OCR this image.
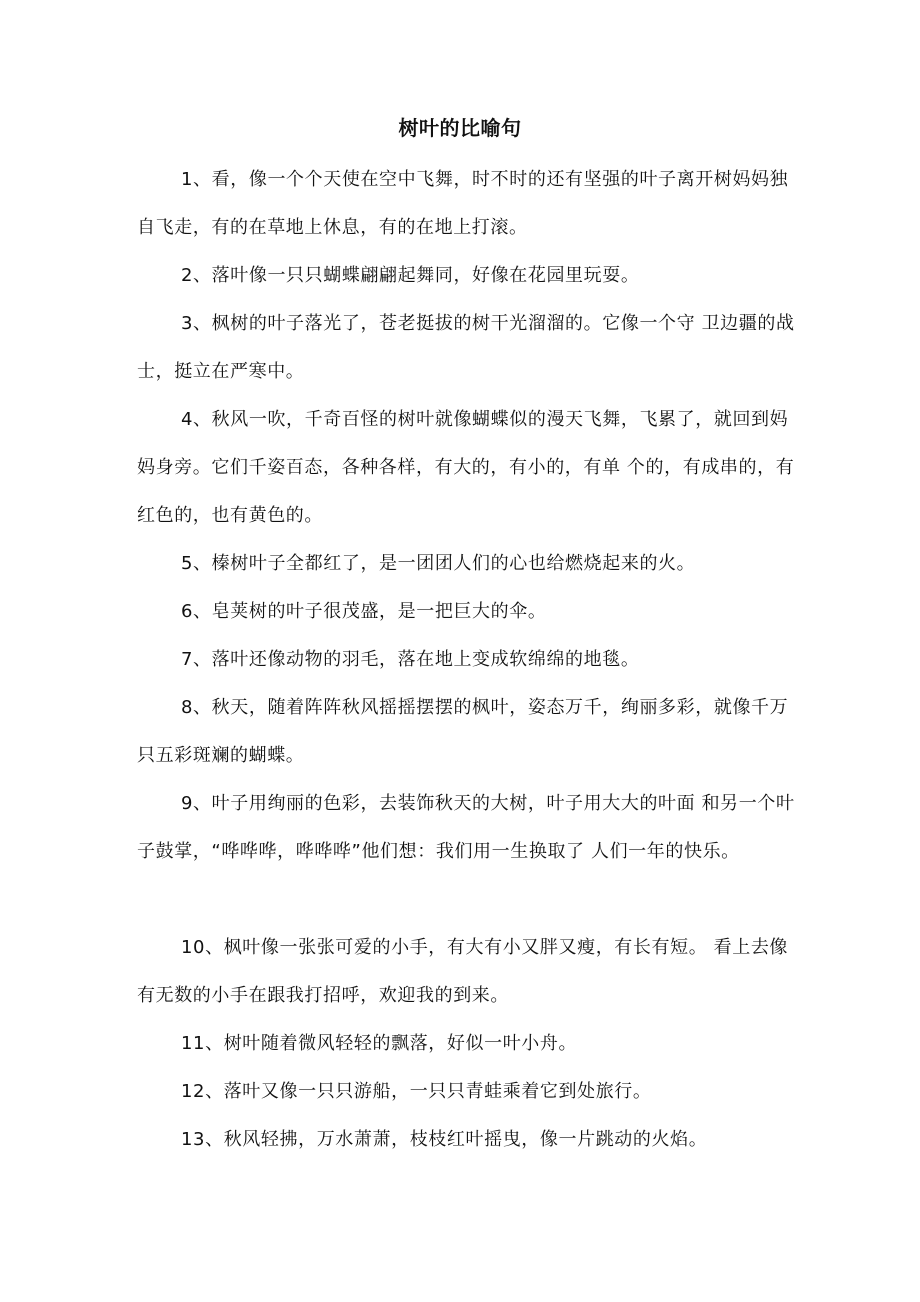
树叶的比喻句
1、看，像一个个天使在空中飞舞，时不时的还有坚强的叶子离开树妈妈独自飞走，有的在草地上休息，有的在地上打滚。
2、落叶像一只只蝴蝶翩翩起舞同，好像在花园里玩耍。
3、枫树的叶子落光了，苍老挺拔的树干光溜溜的。它像一个守 卫边疆的战士，挺立在严寒中。
4、秋风一吹，千奇百怪的树叶就像蝴蝶似的漫天飞舞，飞累了，就回到妈妈身旁。它们千姿百态，各种各样，有大的，有小的，有单 个的，有成串的，有红色的，也有黄色的。
5、榛树叶子全都红了，是一团团人们的心也给燃烧起来的火。
6、皂荚树的叶子很茂盛，是一把巨大的伞。
7、落叶还像动物的羽毛，落在地上变成软绵绵的地毯。
8、秋天，随着阵阵秋风摇摇摆摆的枫叶，姿态万千，绚丽多彩，就像千万只五彩斑斓的蝴蝶。
9、叶子用绚丽的色彩，去装饰秋天的大树，叶子用大大的叶面 和另一个叶子鼓掌，“哗哗哗，哗哗哗”他们想：我们用一生换取了 人们一年的快乐。
10、枫叶像一张张可爱的小手，有大有小又胖又瘦，有长有短。 看上去像有无数的小手在跟我打招呼，欢迎我的到来。
11、树叶随着微风轻轻的飘落，好似一叶小舟。
12、落叶又像一只只游船，一只只青蛙乘着它到处旅行。
13、秋风轻拂，万水萧萧，枝枝红叶摇曳，像一片跳动的火焰。
